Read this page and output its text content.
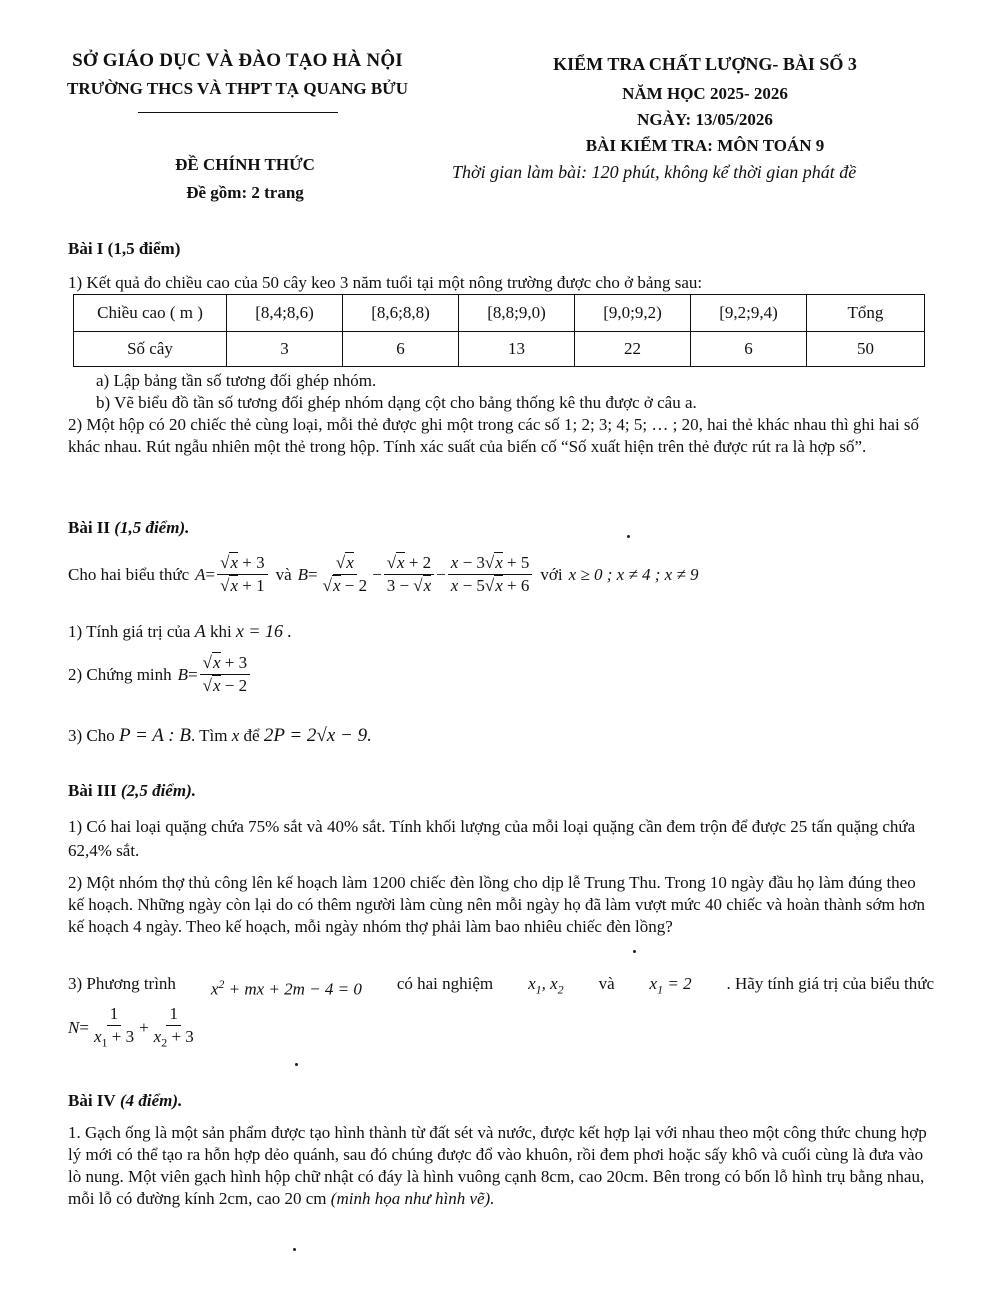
SỞ GIÁO DỤC VÀ ĐÀO TẠO HÀ NỘI
TRƯỜNG THCS VÀ THPT TẠ QUANG BỬU
ĐỀ CHÍNH THỨC
Đề gồm: 2 trang
KIỂM TRA CHẤT LƯỢNG- BÀI SỐ 3
NĂM HỌC 2025- 2026
NGÀY: 13/05/2026
BÀI KIỂM TRA: MÔN TOÁN 9
Thời gian làm bài: 120 phút, không kể thời gian phát đề
Bài I (1,5 điểm)
1) Kết quả đo chiều cao của 50 cây keo 3 năm tuổi tại một nông trường được cho ở bảng sau:
Chiều cao ( m )	[8,4;8,6)	[8,6;8,8)	[8,8;9,0)	[9,0;9,2)	[9,2;9,4)	Tổng
Số cây	3	6	13	22	6	50
a) Lập bảng tần số tương đối ghép nhóm.
b) Vẽ biểu đồ tần số tương đối ghép nhóm dạng cột cho bảng thống kê thu được ở câu a.
2) Một hộp có 20 chiếc thẻ cùng loại, mỗi thẻ được ghi một trong các số 1; 2; 3; 4; 5; … ; 20, hai thẻ khác nhau thì ghi hai số khác nhau. Rút ngẫu nhiên một thẻ trong hộp. Tính xác suất của biến cố “Số xuất hiện trên thẻ được rút ra là hợp số”.
Bài II (1,5 điểm).
Cho hai biểu thức A = √ x + 3
√ x + 1 và B = √ x
√ x − 2 − √ $\frac{x + 2}{3 - √ x} - \frac{x - 3 √ x + 5}{x - 5 √ x + 6}$ với x ≥ 0 ; x ≠ 4 ; x ≠ 9
1) Tính giá trị của A khi x = 16 .
2) Chứng minh B = √ x + 3
√ x − 2
3) Cho P = A : B. Tìm x để 2P = 2√x − 9.
Bài III (2,5 điểm).
1) Có hai loại quặng chứa 75% sắt và 40% sắt. Tính khối lượng của mỗi loại quặng cần đem trộn để được 25 tấn quặng chứa 62,4% sắt.
2) Một nhóm thợ thủ công lên kế hoạch làm 1200 chiếc đèn lồng cho dịp lễ Trung Thu. Trong 10 ngày đầu họ làm đúng theo kế hoạch. Những ngày còn lại do có thêm người làm cùng nên mỗi ngày họ đã làm vượt mức 40 chiếc và hoàn thành sớm hơn kế hoạch 4 ngày. Theo kế hoạch, mỗi ngày nhóm thợ phải làm bao nhiêu chiếc đèn lồng?
3) Phương trình $x^2$ + mx + 2m − 4 = 0 có hai nghiệm $x_1$, $x_2$ và $x_1 = 2$ . Hãy tính giá trị của biểu thức
$N = \frac{1}{x_1 + 3} + \frac{1}{x_2 + 3}$
Bài IV (4 điểm).
1. Gạch ống là một sản phẩm được tạo hình thành từ đất sét và nước, được kết hợp lại với nhau theo một công thức chung hợp lý mới có thể tạo ra hỗn hợp dẻo quánh, sau đó chúng được đổ vào khuôn, rồi đem phơi hoặc sấy khô và cuối cùng là đưa vào lò nung. Một viên gạch hình hộp chữ nhật có đáy là hình vuông cạnh 8cm, cao 20cm. Bên trong có bốn lỗ hình trụ bằng nhau, mỗi lỗ có đường kính 2cm, cao 20 cm (minh họa như hình vẽ).
